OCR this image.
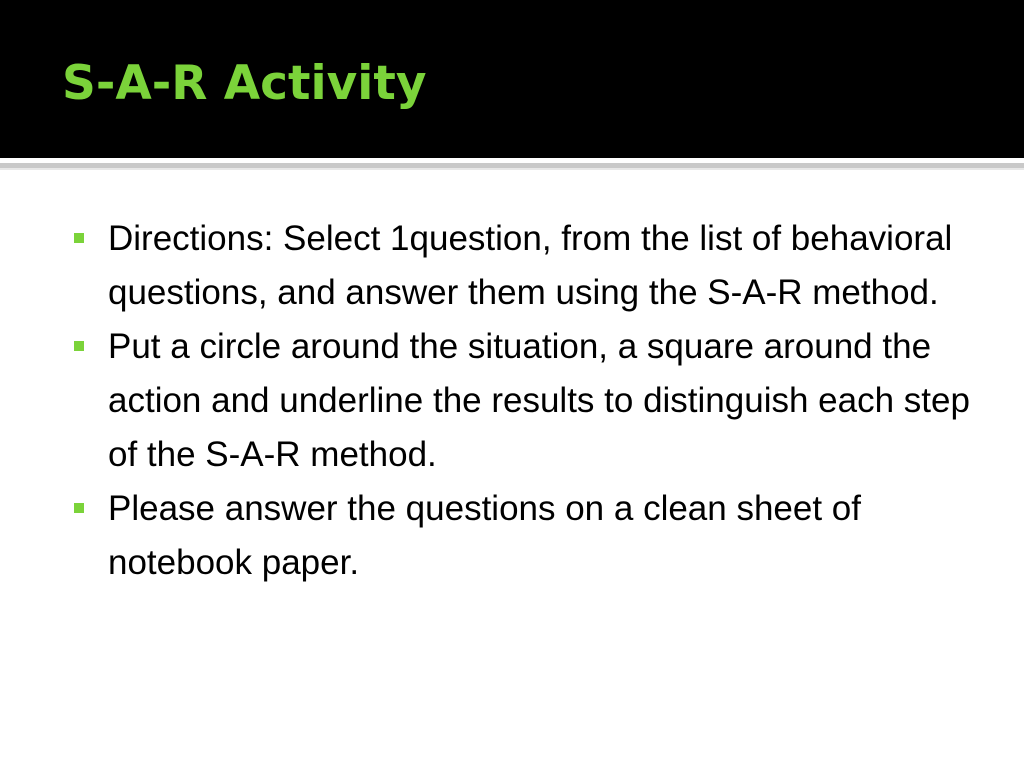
S-A-R Activity
Directions: Select 1question, from the list of behavioral questions, and answer them using the S-A-R method.
Put a circle around the situation, a square around the action and underline the results to distinguish each step of the S-A-R method.
Please answer the questions on a clean sheet of notebook paper.
